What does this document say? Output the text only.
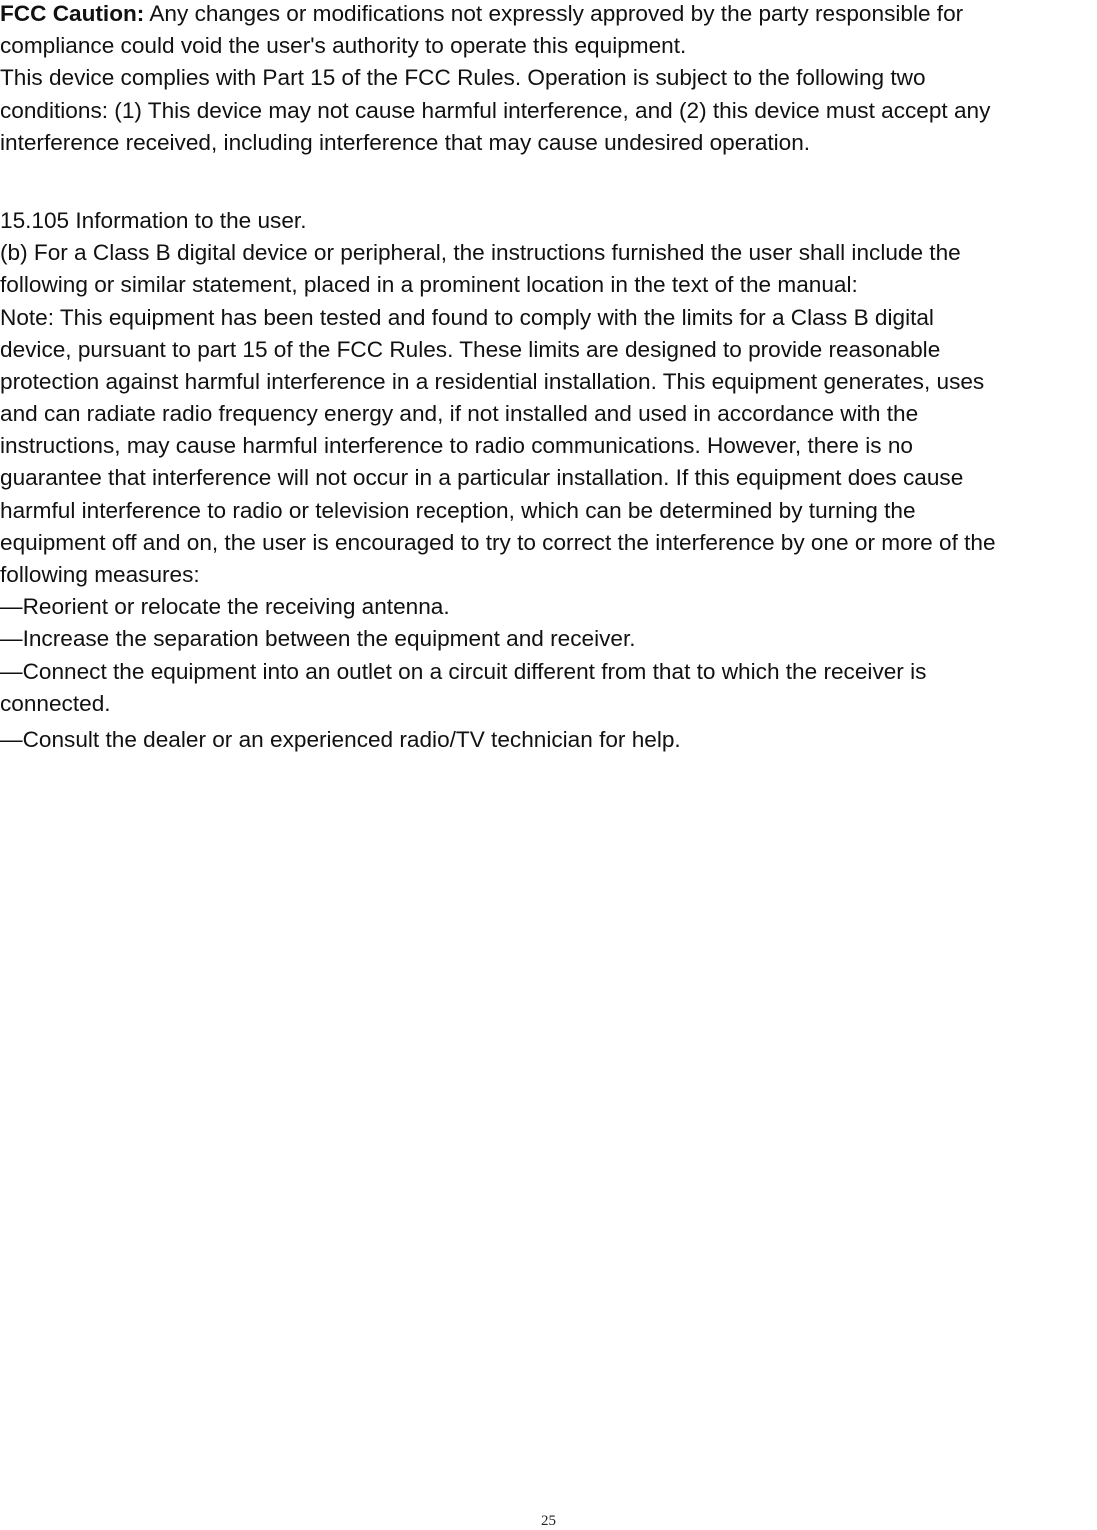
FCC Caution: Any changes or modifications not expressly approved by the party responsible for
compliance could void the user's authority to operate this equipment.
This device complies with Part 15 of the FCC Rules. Operation is subject to the following two
conditions: (1) This device may not cause harmful interference, and (2) this device must accept any
interference received, including interference that may cause undesired operation.
15.105 Information to the user.
(b) For a Class B digital device or peripheral, the instructions furnished the user shall include the
following or similar statement, placed in a prominent location in the text of the manual:
Note: This equipment has been tested and found to comply with the limits for a Class B digital
device, pursuant to part 15 of the FCC Rules. These limits are designed to provide reasonable
protection against harmful interference in a residential installation. This equipment generates, uses
and can radiate radio frequency energy and, if not installed and used in accordance with the
instructions, may cause harmful interference to radio communications. However, there is no
guarantee that interference will not occur in a particular installation. If this equipment does cause
harmful interference to radio or television reception, which can be determined by turning the
equipment off and on, the user is encouraged to try to correct the interference by one or more of the
following measures:
—Reorient or relocate the receiving antenna.
—Increase the separation between the equipment and receiver.
—Connect the equipment into an outlet on a circuit different from that to which the receiver is
connected.
—Consult the dealer or an experienced radio/TV technician for help.
25
